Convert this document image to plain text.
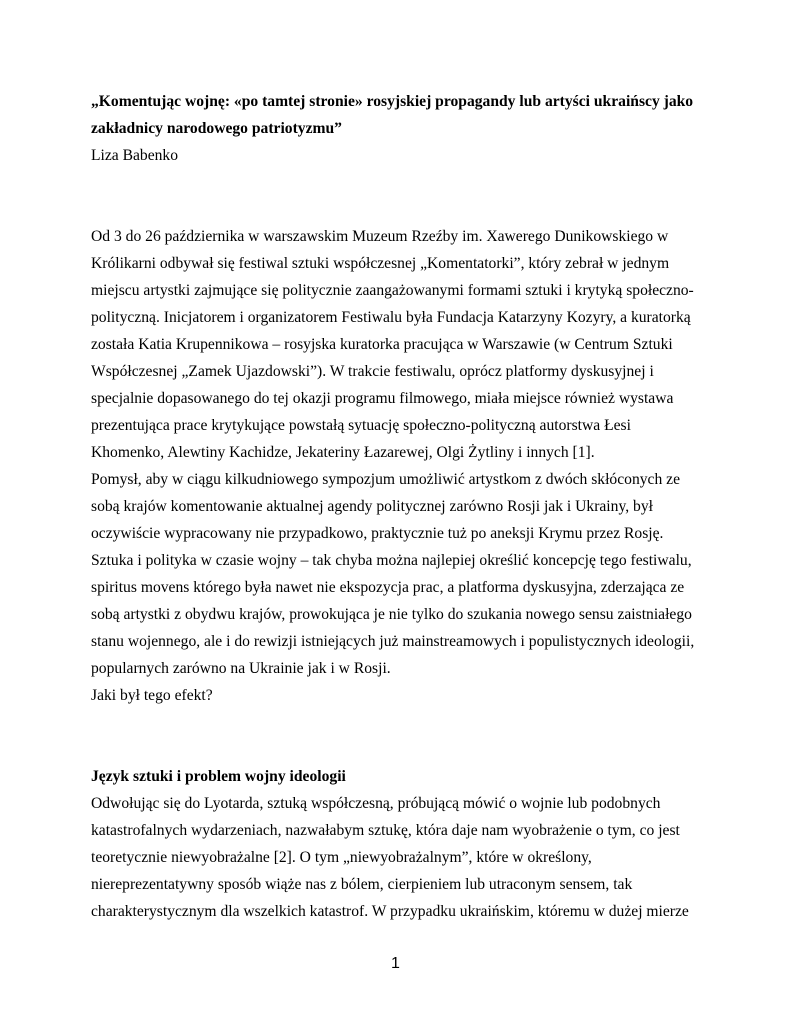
„Komentując wojnę: «po tamtej stronie» rosyjskiej propagandy lub artyści ukraińscy jako zakładnicy narodowego patriotyzmu”

Liza Babenko

Od 3 do 26 października w warszawskim Muzeum Rzeźby im. Xawerego Dunikowskiego w Królikarni odbywał się festiwal sztuki współczesnej „Komentatorki”, który zebrał w jednym miejscu artystki zajmujące się politycznie zaangażowanymi formami sztuki i krytyką społeczno-polityczną. Inicjatorem i organizatorem Festiwalu była Fundacja Katarzyny Kozyry, a kuratorką została Katia Krupennikowa – rosyjska kuratorka pracująca w Warszawie (w Centrum Sztuki Współczesnej „Zamek Ujazdowski”). W trakcie festiwalu, oprócz platformy dyskusyjnej i specjalnie dopasowanego do tej okazji programu filmowego, miała miejsce również wystawa prezentująca prace krytykujące powstałą sytuację społeczno-polityczną autorstwa Łesi Khomenko, Alewtiny Kachidze, Jekateriny Łazarewej, Olgi Żytliny i innych [1].

Pomysł, aby w ciągu kilkudniowego sympozjum umożliwić artystkom z dwóch skłóconych ze sobą krajów komentowanie aktualnej agendy politycznej zarówno Rosji jak i Ukrainy, był oczywiście wypracowany nie przypadkowo, praktycznie tuż po aneksji Krymu przez Rosję. Sztuka i polityka w czasie wojny – tak chyba można najlepiej określić koncepcję tego festiwalu, spiritus movens którego była nawet nie ekspozycja prac, a platforma dyskusyjna, zderzająca ze sobą artystki z obydwu krajów, prowokująca je nie tylko do szukania nowego sensu zaistniałego stanu wojennego, ale i do rewizji istniejących już mainstreamowych i populistycznych ideologii, popularnych zarówno na Ukrainie jak i w Rosji.

Jaki był tego efekt?

Język sztuki i problem wojny ideologii

Odwołując się do Lyotarda, sztuką współczesną, próbującą mówić o wojnie lub podobnych katastrofalnych wydarzeniach, nazwałabym sztukę, która daje nam wyobrażenie o tym, co jest teoretycznie niewyobrażalne [2]. O tym „niewyobrażalnym”, które w określony, niereprezentatywny sposób wiąże nas z bólem, cierpieniem lub utraconym sensem, tak charakterystycznym dla wszelkich katastrof. W przypadku ukraińskim, któremu w dużej mierze

1
